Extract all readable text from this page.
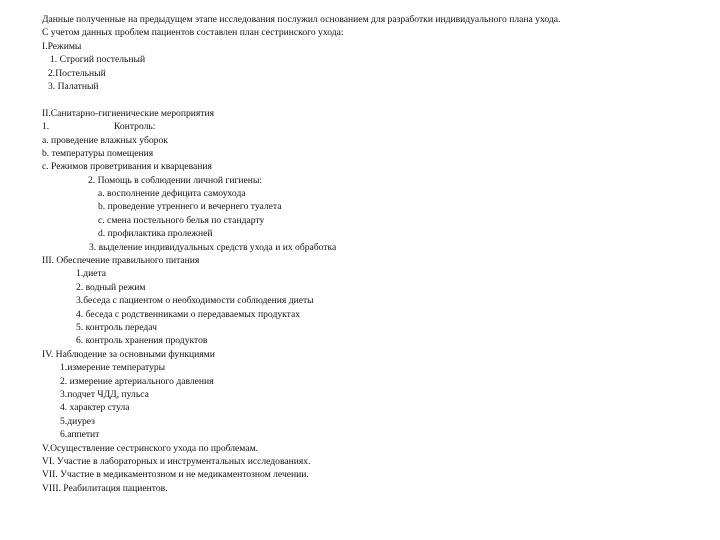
Данные полученные на предыдущем этапе исследования послужил основанием для разработки индивидуального плана ухода.
С учетом данных проблем пациентов составлен план сестринского ухода:
I.Режимы
1. Строгий постельный
2.Постельный
3. Палатный
II.Санитарно-гигиенические мероприятия
1.	Контроль:
a. проведение влажных уборок
b. температуры помещения
c. Режимов проветривания и кварцевания
2. Помощь в соблюдении личной гигиены:
a. восполнение дефицита самоухода
b. проведение утреннего и вечернего туалета
c. смена постельного белья по стандарту
d. профилактика пролежней
3. выделение индивидуальных средств ухода и их обработка
III. Обеспечение правильного питания
1.диета
2. водный режим
3.беседа с пациентом о необходимости соблюдения диеты
4. беседа с родственниками о передаваемых продуктах
5. контроль передач
6. контроль хранения продуктов
IV. Наблюдение за основными функциями
1.измерение температуры
2. измерение артериального давления
3.подчет ЧДД, пульса
4. характер стула
5.диурез
6.аппетит
V.Осуществление сестринского ухода по проблемам.
VI. Участие в лабораторных и инструментальных исследованиях.
VII. Участие в медикаментозном и не медикаментозном лечении.
VIII. Реабилитация пациентов.
